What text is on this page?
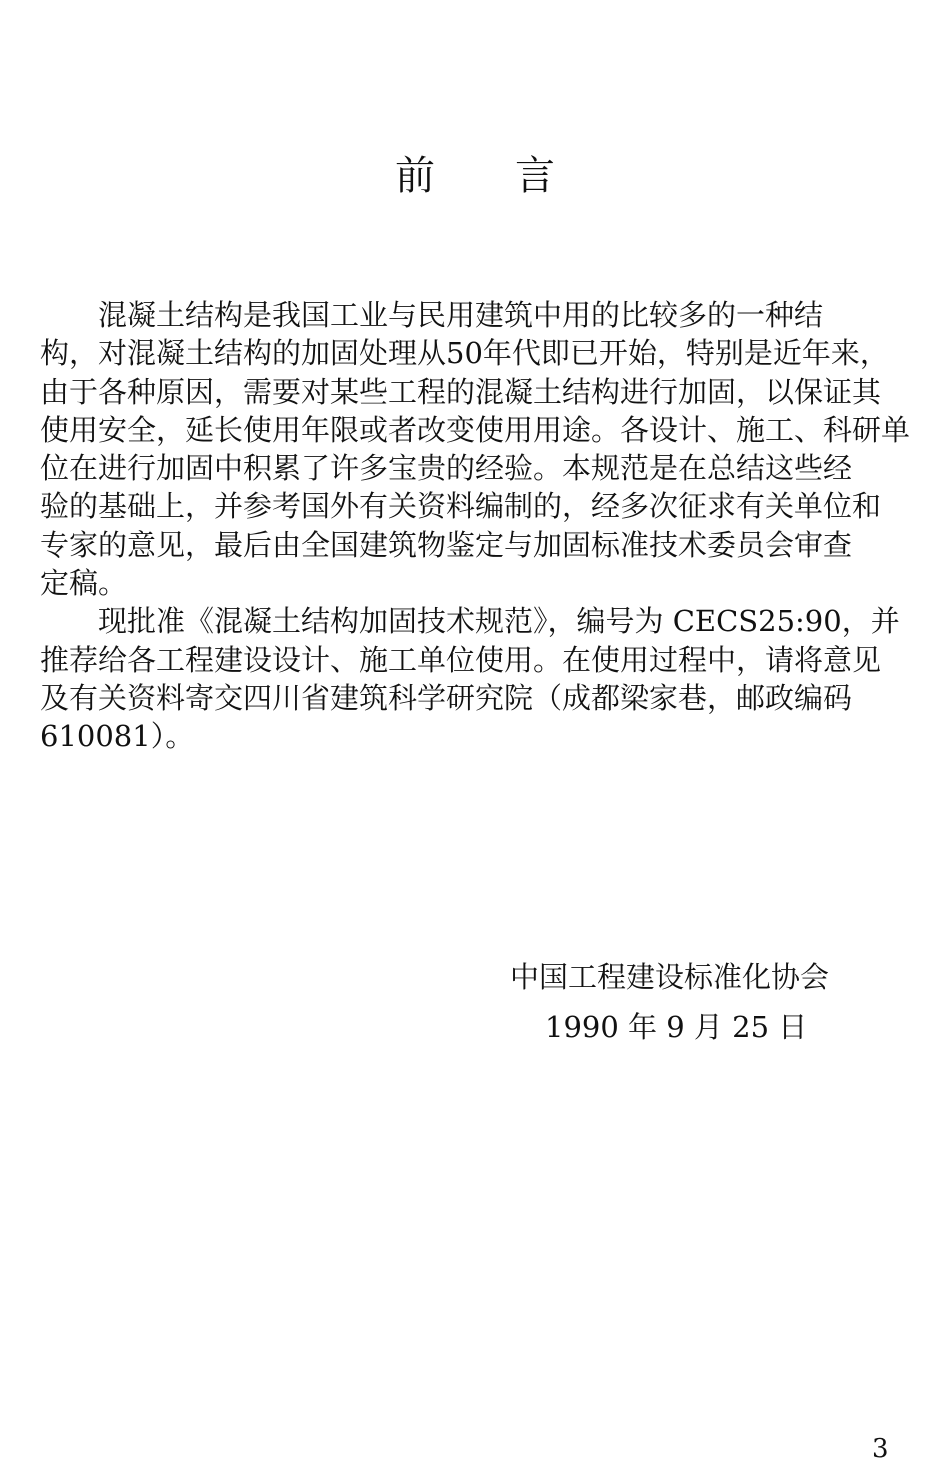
前 言
混凝土结构是我国工业与民用建筑中用的比较多的一种结
构，对混凝土结构的加固处理从50年代即已开始，特别是近年来，
由于各种原因，需要对某些工程的混凝土结构进行加固，以保证其
使用安全，延长使用年限或者改变使用用途。各设计、施工、科研单
位在进行加固中积累了许多宝贵的经验。本规范是在总结这些经
验的基础上，并参考国外有关资料编制的，经多次征求有关单位和
专家的意见，最后由全国建筑物鉴定与加固标准技术委员会审查
定稿。
现批准《混凝土结构加固技术规范》，编号为 CECS25:90，并
推荐给各工程建设设计、施工单位使用。在使用过程中，请将意见
及有关资料寄交四川省建筑科学研究院（成都梁家巷，邮政编码
610081）。
中国工程建设标准化协会
1990 年 9 月 25 日
3
